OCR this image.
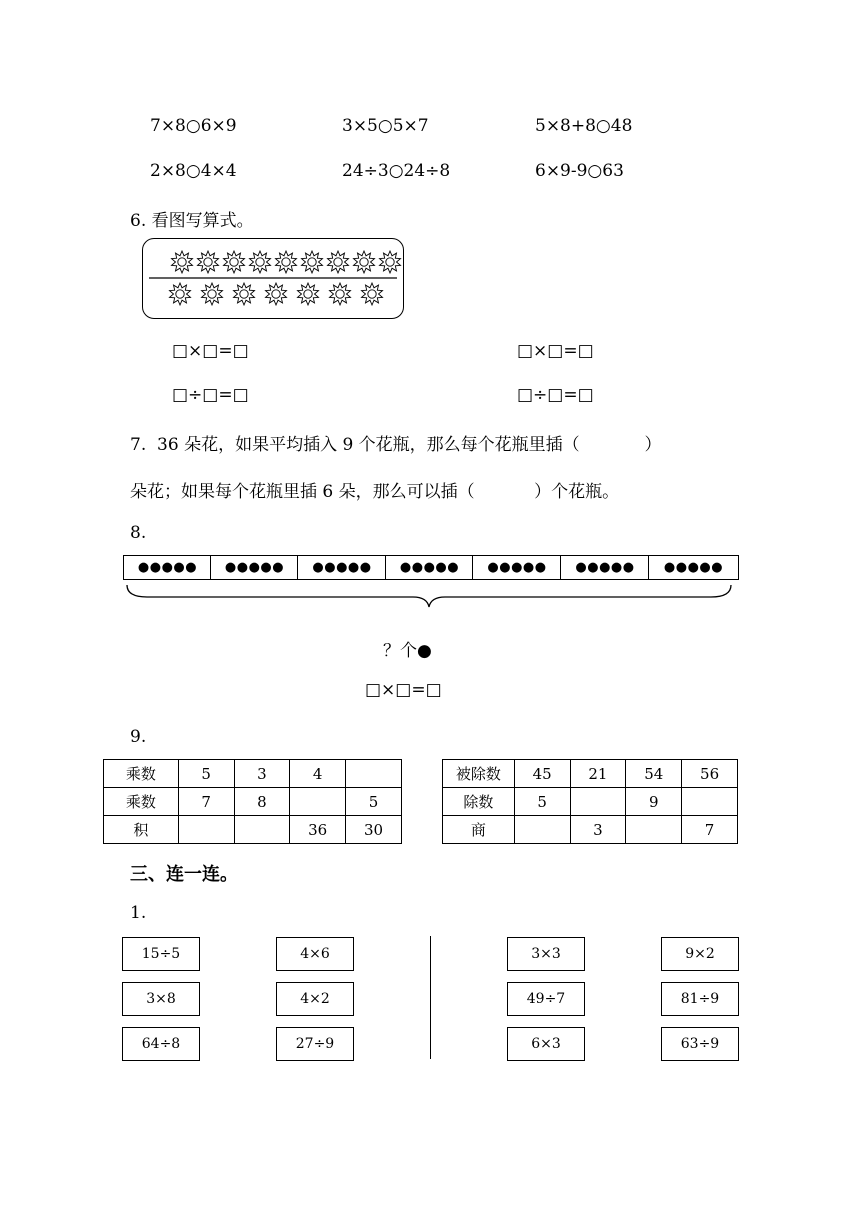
7×8○6×9	3×5○5×7	5×8+8○48
2×8○4×4	24÷3○24÷8	6×9-9○63
6. 看图写算式。
□×□=□	□×□=□
□÷□=□	□÷□=□
7.  36 朵花，如果平均插入 9 个花瓶，那么每个花瓶里插（            ）
朵花；如果每个花瓶里插 6 朵，那么可以插（           ）个花瓶。
8.
●●●●●	●●●●●	●●●●●	●●●●●	●●●●●	●●●●●	●●●●●
？个●
□×□=□
9.
乘数	5	3	4	
乘数	7	8		5
积			36	30
被除数	45	21	54	56
除数	5		9	
商		3		7
三、连一连。
1.
15÷5
3×8
64÷8
4×6
4×2
27÷9
3×3
49÷7
6×3
9×2
81÷9
63÷9
